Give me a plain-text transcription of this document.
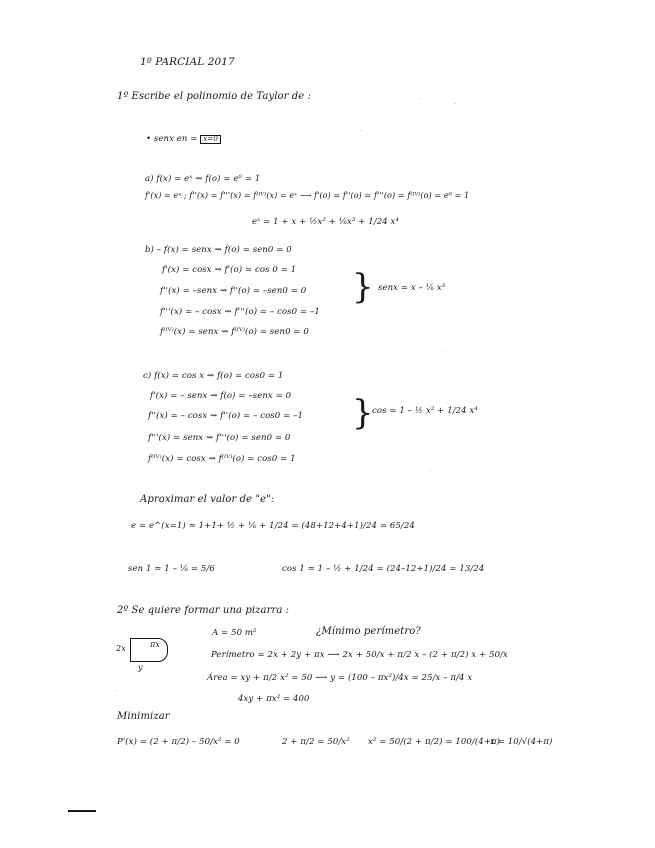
1º PARCIAL 2017
1º Escribe el polinomio de Taylor de :
• senx en = x=0
a) f(x) = eˣ ⇝ f(o) = e⁰ = 1
f'(x) = eˣ ; f''(x) = f'''(x) = f⁽ᴵⱽ⁾(x) = eˣ ⟶ f'(o) = f''(o) = f'''(o) = f⁽ᴵⱽ⁾(o) = e⁰ = 1
eˣ = 1 + x + ½x² + ⅙x³ + 1/24 x⁴
b) – f(x) = senx ⇝ f(o) = sen0 = 0
f'(x) = cosx ⇝ f'(o) = cos 0 = 1
f''(x) = –senx ⇝ f''(o) = –sen0 = 0
f'''(x) = – cosx ⇝ f'''(o) = – cos0 = –1
f⁽ᴵⱽ⁾(x) = senx ⇝ f⁽ᴵⱽ⁾(o) = sen0 = 0
} senx = x – ⅙ x³
c) f(x) = cos x ⇝ f(o) = cos0 = 1
f'(x) = – senx ⇝ f(o) = –senx = 0
f''(x) = – cosx ⇝ f''(o) = – cos0 = –1
f'''(x) = senx ⇝ f'''(o) = sen0 = 0
f⁽ᴵⱽ⁾(x) = cosx ⇝ f⁽ᴵⱽ⁾(o) = cos0 = 1
}
cos = 1 – ½ x² + 1/24 x⁴
Aproximar el valor de "e":
e = e^(x=1) ≃ 1+1+ ½ + ⅙ + 1/24 = (48+12+4+1)/24 = 65/24
sen 1 ≃ 1 – ⅙ = 5/6	cos 1 ≃ 1 – ½ + 1/24 = (24–12+1)/24 = 13/24
2º Se quiere formar una pizarra :
A = 50 m²	¿Mínimo perímetro?
2x	πx
y
Perímetro = 2x + 2y + πx ⟶ 2x + 50/x + π/2 x – (2 + π/2) x + 50/x
Área = xy + π/2 x² = 50 ⟶ y = (100 – πx²)/4x = 25/x – π/4 x
4xy + πx² = 400
Minimizar
P'(x) = (2 + π/2) – 50/x² = 0	2 + π/2 = 50/x² x² = 50/(2 + π/2) = 100/(4+π)
x = 10/√(4+π)
